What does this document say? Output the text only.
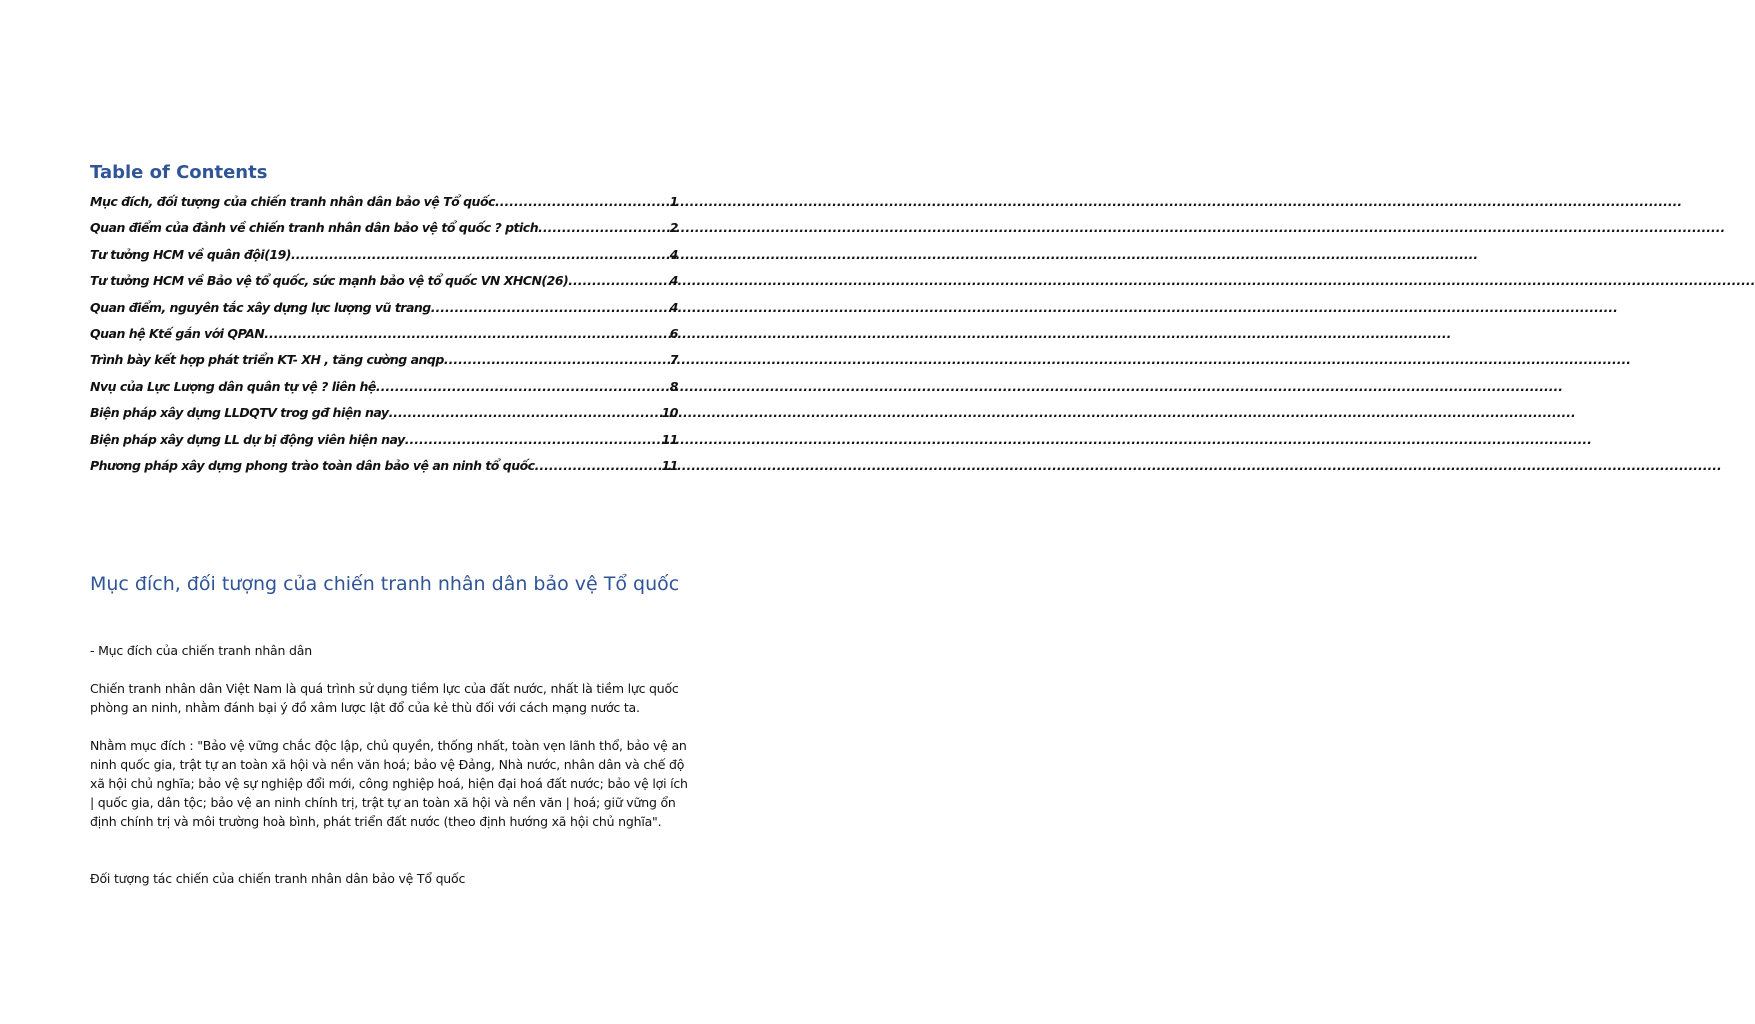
Table of Contents
Mục đích, đối tượng của chiến tranh nhân dân bảo vệ Tổ quốc .....	1
Quan điểm của đảnh về chiến tranh nhân dân bảo vệ tổ quốc ? ptich .....	2
Tư tưởng HCM về quân đội(19) .....	4
Tư tưởng HCM về Bảo vệ tổ quốc, sức mạnh bảo vệ tổ quốc VN XHCN(26) .....	4
Quan điểm, nguyên tắc xây dựng lực lượng vũ trang .....	4
Quan hệ Ktế gắn với QPAN .....	6
Trình bày kết hợp phát triển KT- XH , tăng cường anqp .....	7
Nvụ của Lực Lượng dân quân tự vệ ? liên hệ .....	8
Biện pháp xây dựng LLDQTV trog gđ hiện nay .....	10
Biện pháp xây dựng LL dự bị động viên hiện nay .....	11
Phương pháp xây dựng phong trào toàn dân bảo vệ an ninh tổ quốc .....	11
Mục đích, đối tượng của chiến tranh nhân dân bảo vệ Tổ quốc

- Mục đích của chiến tranh nhân dân

Chiến tranh nhân dân Việt Nam là quá trình sử dụng tiềm lực của đất nước, nhất là tiềm lực quốc phòng an ninh, nhằm đánh bại ý đồ xâm lược lật đổ của kẻ thù đối với cách mạng nước ta.

Nhằm mục đích : "Bảo vệ vững chắc độc lập, chủ quyền, thống nhất, toàn vẹn lãnh thổ, bảo vệ an ninh quốc gia, trật tự an toàn xã hội và nền văn hoá; bảo vệ Đảng, Nhà nước, nhân dân và chế độ xã hội chủ nghĩa; bảo vệ sự nghiệp đổi mới, công nghiệp hoá, hiện đại hoá đất nước; bảo vệ lợi ích | quốc gia, dân tộc; bảo vệ an ninh chính trị, trật tự an toàn xã hội và nền văn | hoá; giữ vững ổn định chính trị và môi trường hoà bình, phát triển đất nước (theo định hướng xã hội chủ nghĩa".

Đối tượng tác chiến của chiến tranh nhân dân bảo vệ Tổ quốc
